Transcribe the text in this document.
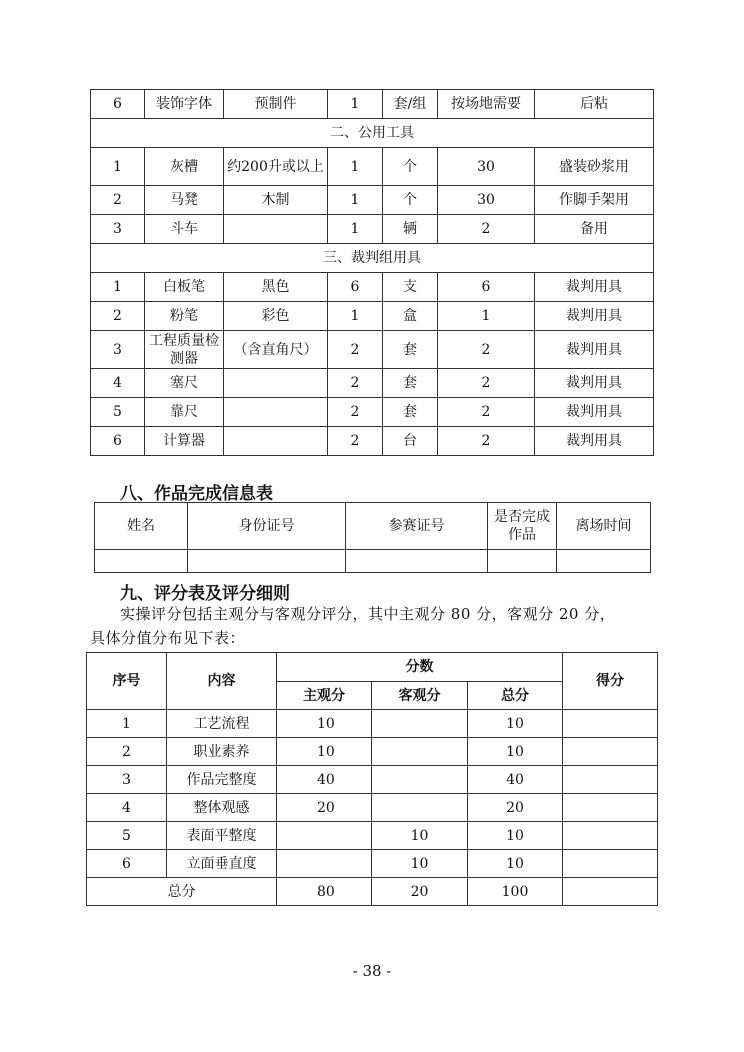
6	装饰字体	预制件	1	套/组	按场地需要	后粘
二、公用工具						
1	灰槽	约200升或以上	1	个	30	盛装砂浆用
2	马凳	木制	1	个	30	作脚手架用
3	斗车		1	辆	2	备用
三、裁判组用具						
1	白板笔	黑色	6	支	6	裁判用具
2	粉笔	彩色	1	盒	1	裁判用具
3	工程质量检测器	（含直角尺）	2	套	2	裁判用具
4	塞尺		2	套	2	裁判用具
5	靠尺		2	套	2	裁判用具
6	计算器		2	台	2	裁判用具
八、作品完成信息表
姓名	身份证号	参赛证号	是否完成作品	离场时间

九、评分表及评分细则
实操评分包括主观分与客观分评分，其中主观分 80 分，客观分 20 分，
具体分值分布见下表：
序号	内容	分数			得分
		主观分	客观分	总分	
1	工艺流程	10		10	
2	职业素养	10		10	
3	作品完整度	40		40	
4	整体观感	20		20	
5	表面平整度		10	10	
6	立面垂直度		10	10	
总分		80	20	100	
- 38 -
